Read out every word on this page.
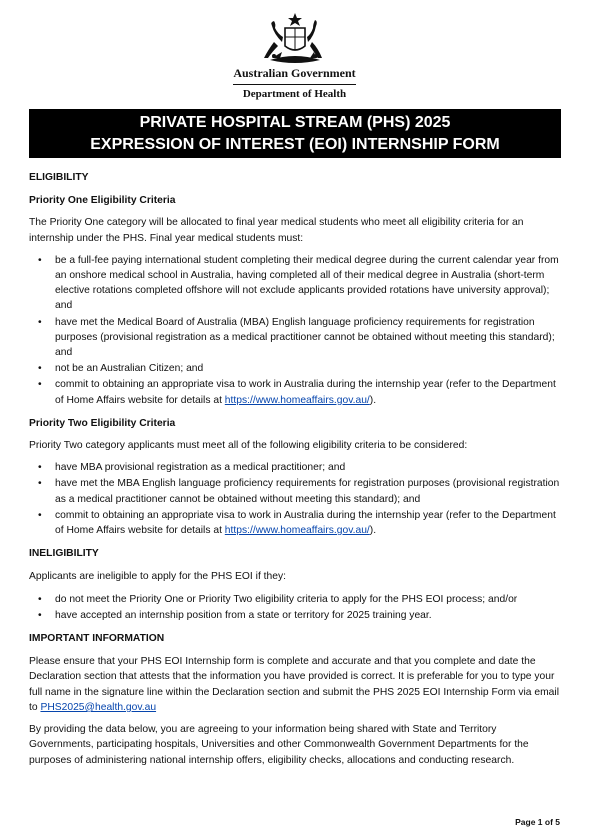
Australian Government
Department of Health
PRIVATE HOSPITAL STREAM (PHS) 2025
EXPRESSION OF INTEREST (EOI) INTERNSHIP FORM
ELIGIBILITY
Priority One Eligibility Criteria

The Priority One category will be allocated to final year medical students who meet all eligibility criteria for an internship under the PHS. Final year medical students must:

• be a full-fee paying international student completing their medical degree during the current calendar year from an onshore medical school in Australia, having completed all of their medical degree in Australia (short-term elective rotations completed offshore will not exclude applicants provided rotations have university approval); and
• have met the Medical Board of Australia (MBA) English language proficiency requirements for registration purposes (provisional registration as a medical practitioner cannot be obtained without meeting this standard); and
• not be an Australian Citizen; and
• commit to obtaining an appropriate visa to work in Australia during the internship year (refer to the Department of Home Affairs website for details at https://www.homeaffairs.gov.au/).
Priority Two Eligibility Criteria

Priority Two category applicants must meet all of the following eligibility criteria to be considered:

• have MBA provisional registration as a medical practitioner; and
• have met the MBA English language proficiency requirements for registration purposes (provisional registration as a medical practitioner cannot be obtained without meeting this standard); and
• commit to obtaining an appropriate visa to work in Australia during the internship year (refer to the Department of Home Affairs website for details at https://www.homeaffairs.gov.au/).
INELIGIBILITY

Applicants are ineligible to apply for the PHS EOI if they:

• do not meet the Priority One or Priority Two eligibility criteria to apply for the PHS EOI process; and/or
• have accepted an internship position from a state or territory for 2025 training year.
IMPORTANT INFORMATION

Please ensure that your PHS EOI Internship form is complete and accurate and that you complete and date the Declaration section that attests that the information you have provided is correct. It is preferable for you to type your full name in the signature line within the Declaration section and submit the PHS 2025 EOI Internship Form via email to PHS2025@health.gov.au

By providing the data below, you are agreeing to your information being shared with State and Territory Governments, participating hospitals, Universities and other Commonwealth Government Departments for the purposes of administering national internship offers, eligibility checks, allocations and conducting research.

Page 1 of 5
